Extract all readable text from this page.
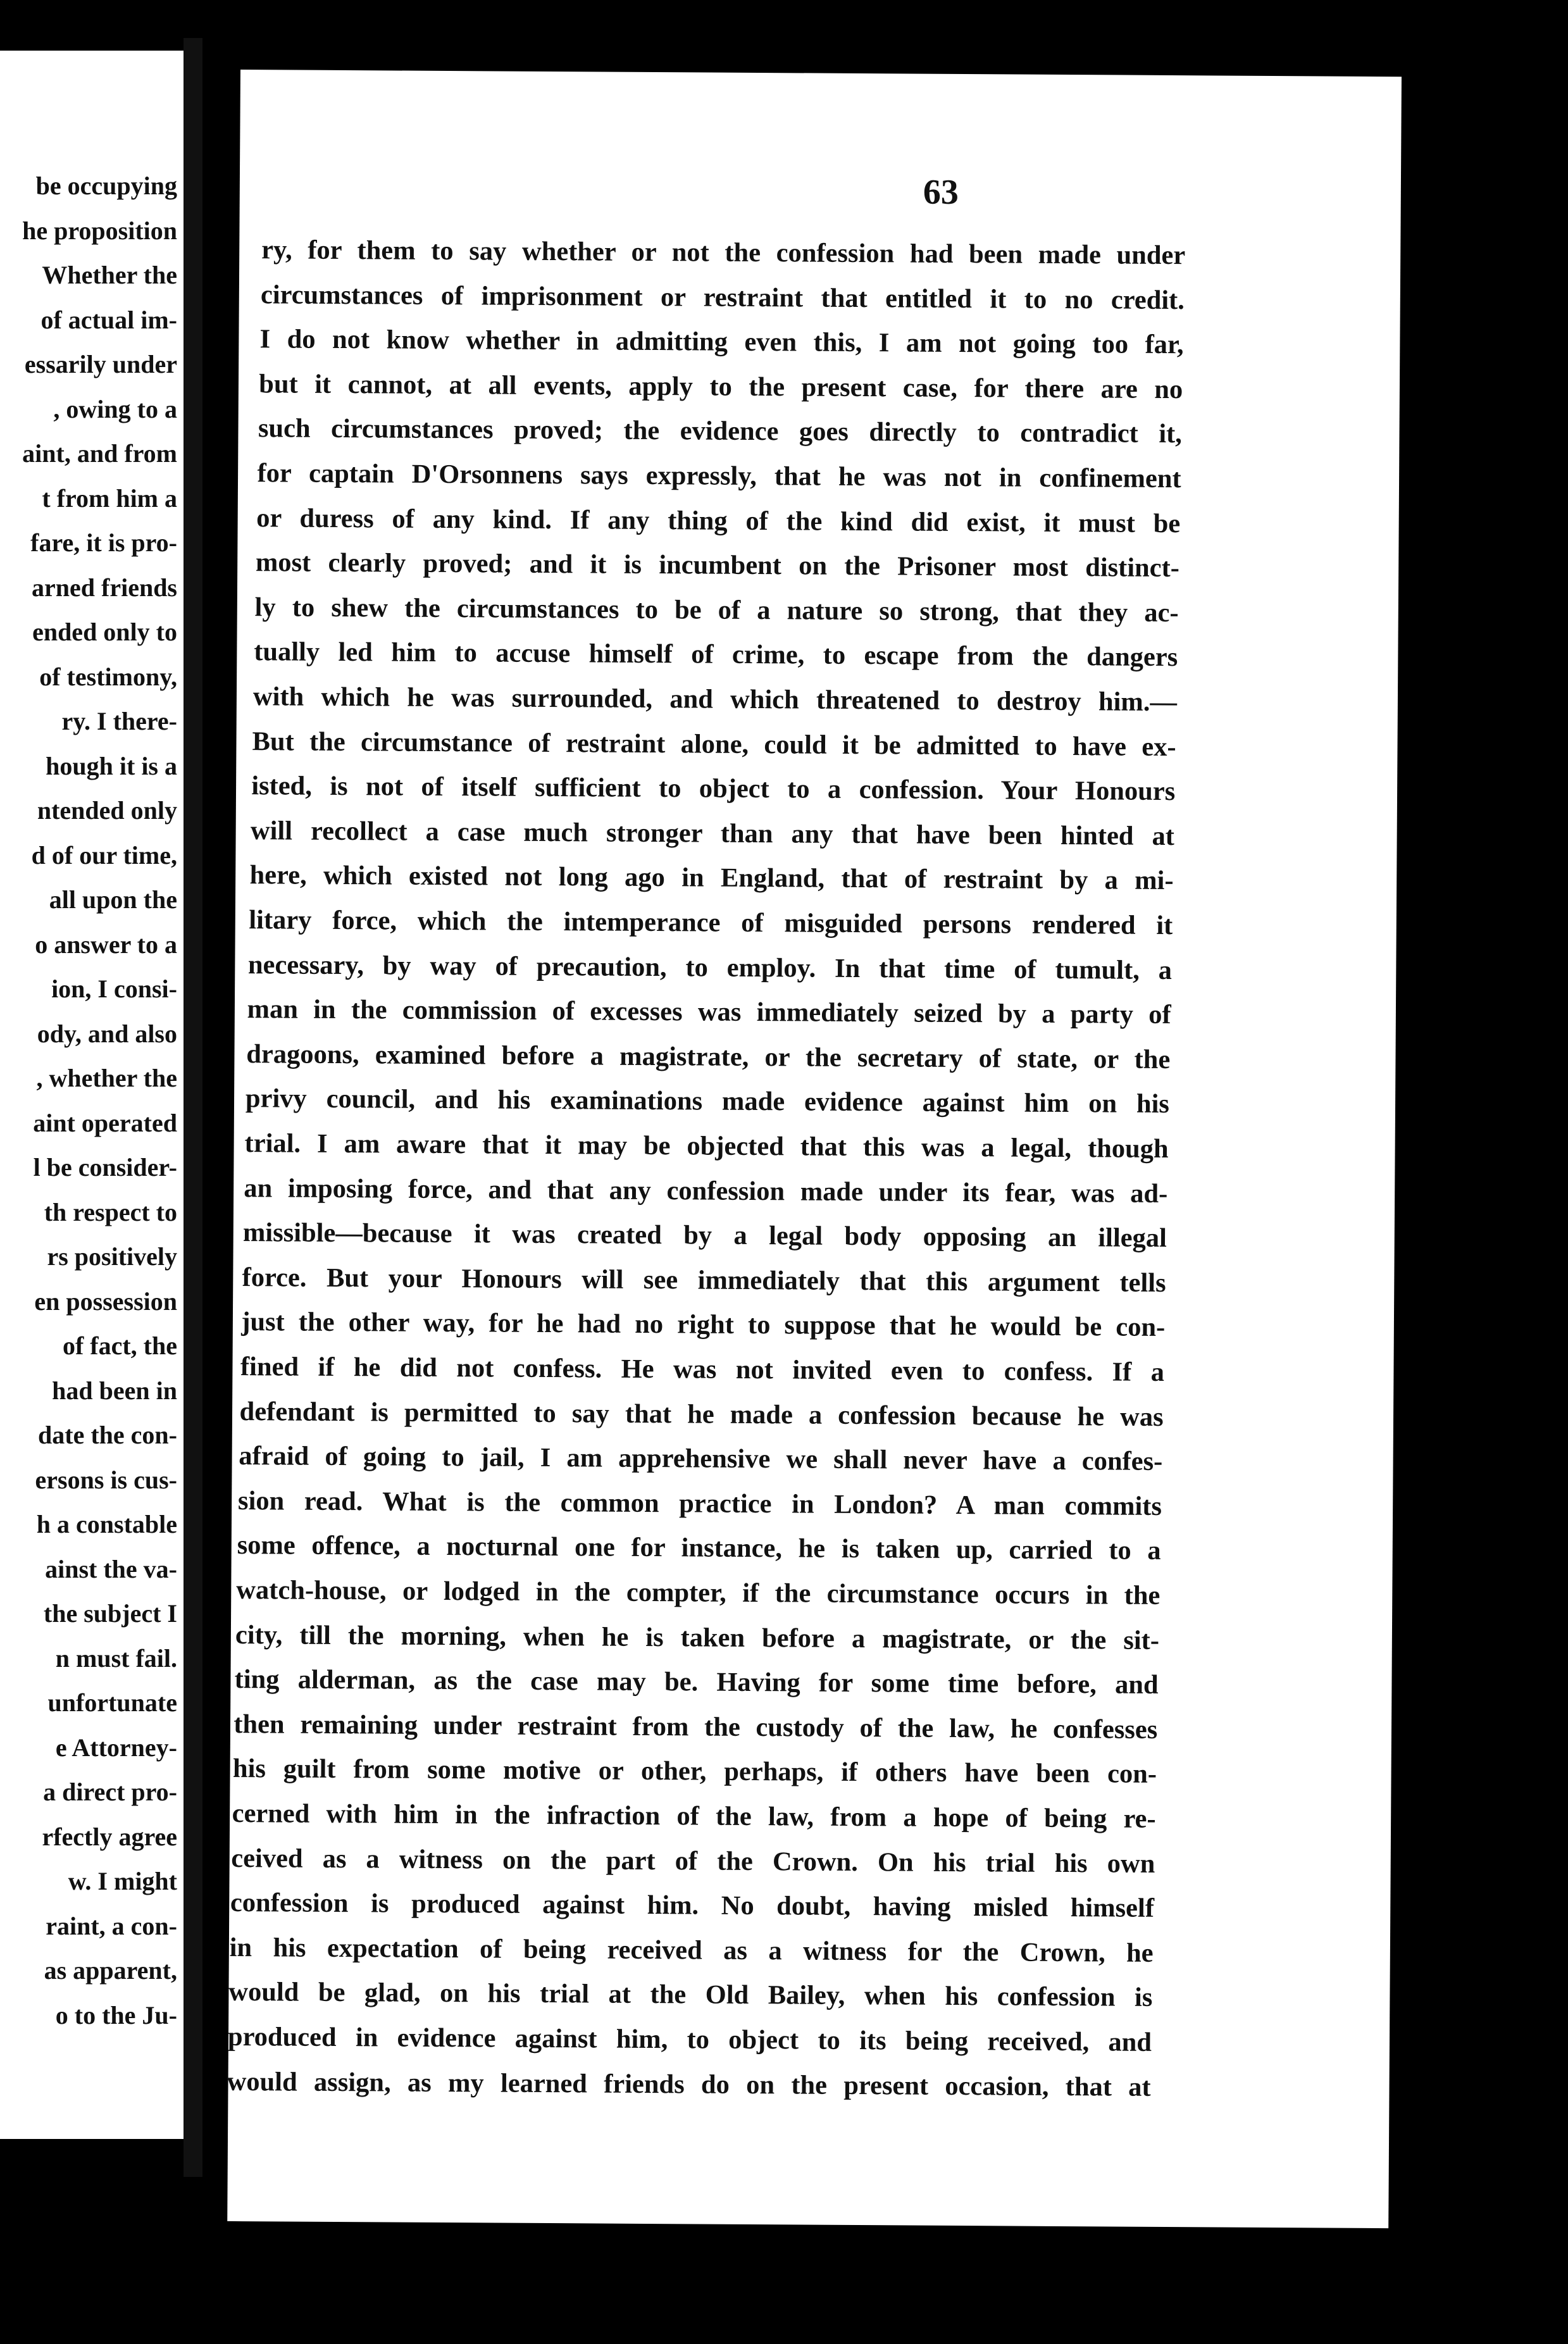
be occupying
he proposition
Whether the
of actual im-
essarily under
, owing to a
aint, and from
t from him a
fare, it is pro-
arned friends
ended only to
of testimony,
ry. I there-
hough it is a
ntended only
d of our time,
all upon the
o answer to a
ion, I consi-
ody, and also
, whether the
aint operated
l be consider-
th respect to
rs positively
en possession
of fact, the
had been in
date the con-
ersons is cus-
h a constable
ainst the va-
the subject I
n must fail.
unfortunate
e Attorney-
a direct pro-
rfectly agree
w. I might
raint, a con-
as apparent,
o to the Ju-
63
ry, for them to say whether or not the confession had been made under
circumstances of imprisonment or restraint that entitled it to no credit.
I do not know whether in admitting even this, I am not going too far,
but it cannot, at all events, apply to the present case, for there are no
such circumstances proved; the evidence goes directly to contradict it,
for captain D'Orsonnens says expressly, that he was not in confinement
or duress of any kind. If any thing of the kind did exist, it must be
most clearly proved; and it is incumbent on the Prisoner most distinct-
ly to shew the circumstances to be of a nature so strong, that they ac-
tually led him to accuse himself of crime, to escape from the dangers
with which he was surrounded, and which threatened to destroy him.—
But the circumstance of restraint alone, could it be admitted to have ex-
isted, is not of itself sufficient to object to a confession. Your Honours
will recollect a case much stronger than any that have been hinted at
here, which existed not long ago in England, that of restraint by a mi-
litary force, which the intemperance of misguided persons rendered it
necessary, by way of precaution, to employ. In that time of tumult, a
man in the commission of excesses was immediately seized by a party of
dragoons, examined before a magistrate, or the secretary of state, or the
privy council, and his examinations made evidence against him on his
trial. I am aware that it may be objected that this was a legal, though
an imposing force, and that any confession made under its fear, was ad-
missible—because it was created by a legal body opposing an illegal
force. But your Honours will see immediately that this argument tells
just the other way, for he had no right to suppose that he would be con-
fined if he did not confess. He was not invited even to confess. If a
defendant is permitted to say that he made a confession because he was
afraid of going to jail, I am apprehensive we shall never have a confes-
sion read. What is the common practice in London? A man commits
some offence, a nocturnal one for instance, he is taken up, carried to a
watch-house, or lodged in the compter, if the circumstance occurs in the
city, till the morning, when he is taken before a magistrate, or the sit-
ting alderman, as the case may be. Having for some time before, and
then remaining under restraint from the custody of the law, he confesses
his guilt from some motive or other, perhaps, if others have been con-
cerned with him in the infraction of the law, from a hope of being re-
ceived as a witness on the part of the Crown. On his trial his own
confession is produced against him. No doubt, having misled himself
in his expectation of being received as a witness for the Crown, he
would be glad, on his trial at the Old Bailey, when his confession is
produced in evidence against him, to object to its being received, and
would assign, as my learned friends do on the present occasion, that at
